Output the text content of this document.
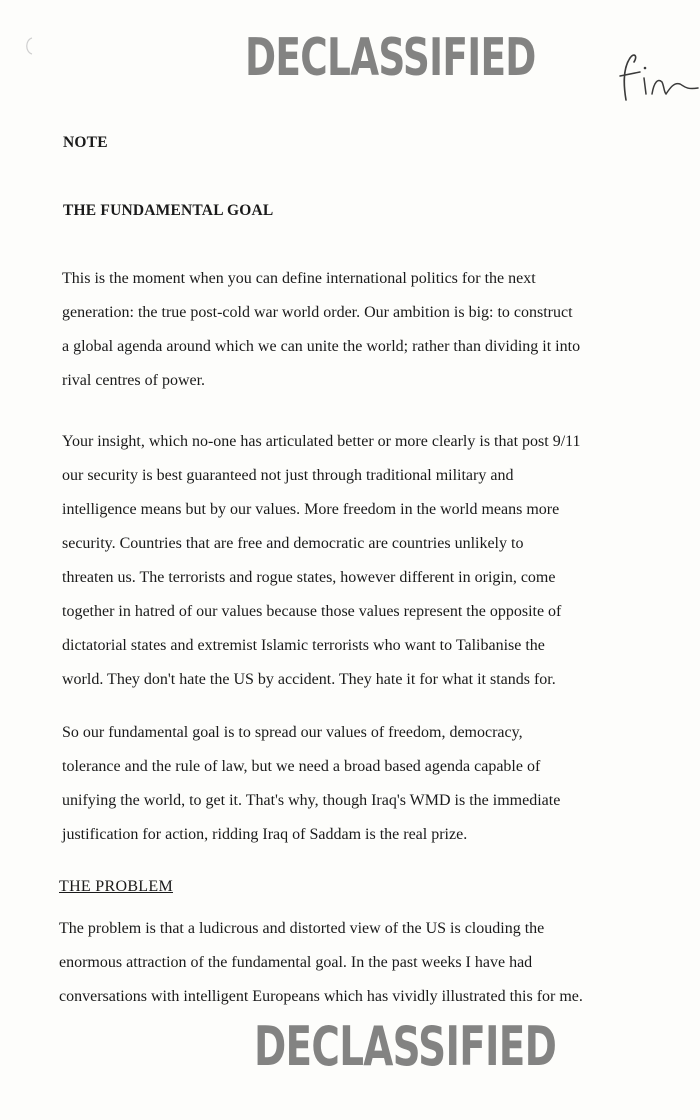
DECLASSIFIED
NOTE
THE FUNDAMENTAL GOAL

This is the moment when you can define international politics for the next
generation: the true post-cold war world order. Our ambition is big: to construct
a global agenda around which we can unite the world; rather than dividing it into
rival centres of power.

Your insight, which no-one has articulated better or more clearly is that post 9/11
our security is best guaranteed not just through traditional military and
intelligence means but by our values. More freedom in the world means more
security. Countries that are free and democratic are countries unlikely to
threaten us. The terrorists and rogue states, however different in origin, come
together in hatred of our values because those values represent the opposite of
dictatorial states and extremist Islamic terrorists who want to Talibanise the
world. They don't hate the US by accident. They hate it for what it stands for.

So our fundamental goal is to spread our values of freedom, democracy,
tolerance and the rule of law, but we need a broad based agenda capable of
unifying the world, to get it. That's why, though Iraq's WMD is the immediate
justification for action, ridding Iraq of Saddam is the real prize.

THE PROBLEM

The problem is that a ludicrous and distorted view of the US is clouding the
enormous attraction of the fundamental goal. In the past weeks I have had
conversations with intelligent Europeans which has vividly illustrated this for me.

DECLASSIFIED
